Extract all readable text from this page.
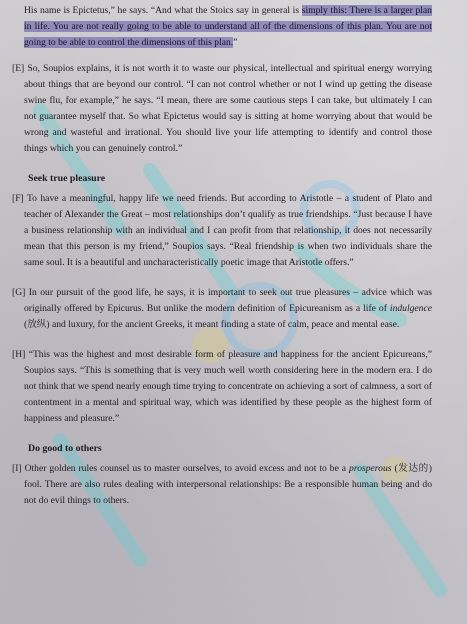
His name is Epictetus,” he says. “And what the Stoics say in general is simply this: There is a larger plan in life. You are not really going to be able to understand all of the dimensions of this plan. You are not going to be able to control the dimensions of this plan.”

[E] So, Soupios explains, it is not worth it to waste our physical, intellectual and spiritual energy worrying about things that are beyond our control. “I can not control whether or not I wind up getting the disease swine flu, for example,” he says. “I mean, there are some cautious steps I can take, but ultimately I can not guarantee myself that. So what Epictetus would say is sitting at home worrying about that would be wrong and wasteful and irrational. You should live your life attempting to identify and control those things which you can genuinely control.”

Seek true pleasure

[F] To have a meaningful, happy life we need friends. But according to Aristotle – a student of Plato and teacher of Alexander the Great – most relationships don’t qualify as true friendships. “Just because I have a business relationship with an individual and I can profit from that relationship, it does not necessarily mean that this person is my friend,” Soupios says. “Real friendship is when two individuals share the same soul. It is a beautiful and uncharacteristically poetic image that Aristotle offers.”

[G] In our pursuit of the good life, he says, it is important to seek out true pleasures – advice which was originally offered by Epicurus. But unlike the modern definition of Epicureanism as a life of indulgence (放纵) and luxury, for the ancient Greeks, it meant finding a state of calm, peace and mental ease.

[H] “This was the highest and most desirable form of pleasure and happiness for the ancient Epicureans,” Soupios says. “This is something that is very much well worth considering here in the modern era. I do not think that we spend nearly enough time trying to concentrate on achieving a sort of calmness, a sort of contentment in a mental and spiritual way, which was identified by these people as the highest form of happiness and pleasure.”

Do good to others

[I] Other golden rules counsel us to master ourselves, to avoid excess and not to be a prosperous (发达的) fool. There are also rules dealing with interpersonal relationships: Be a responsible human being and do not do evil things to others.
